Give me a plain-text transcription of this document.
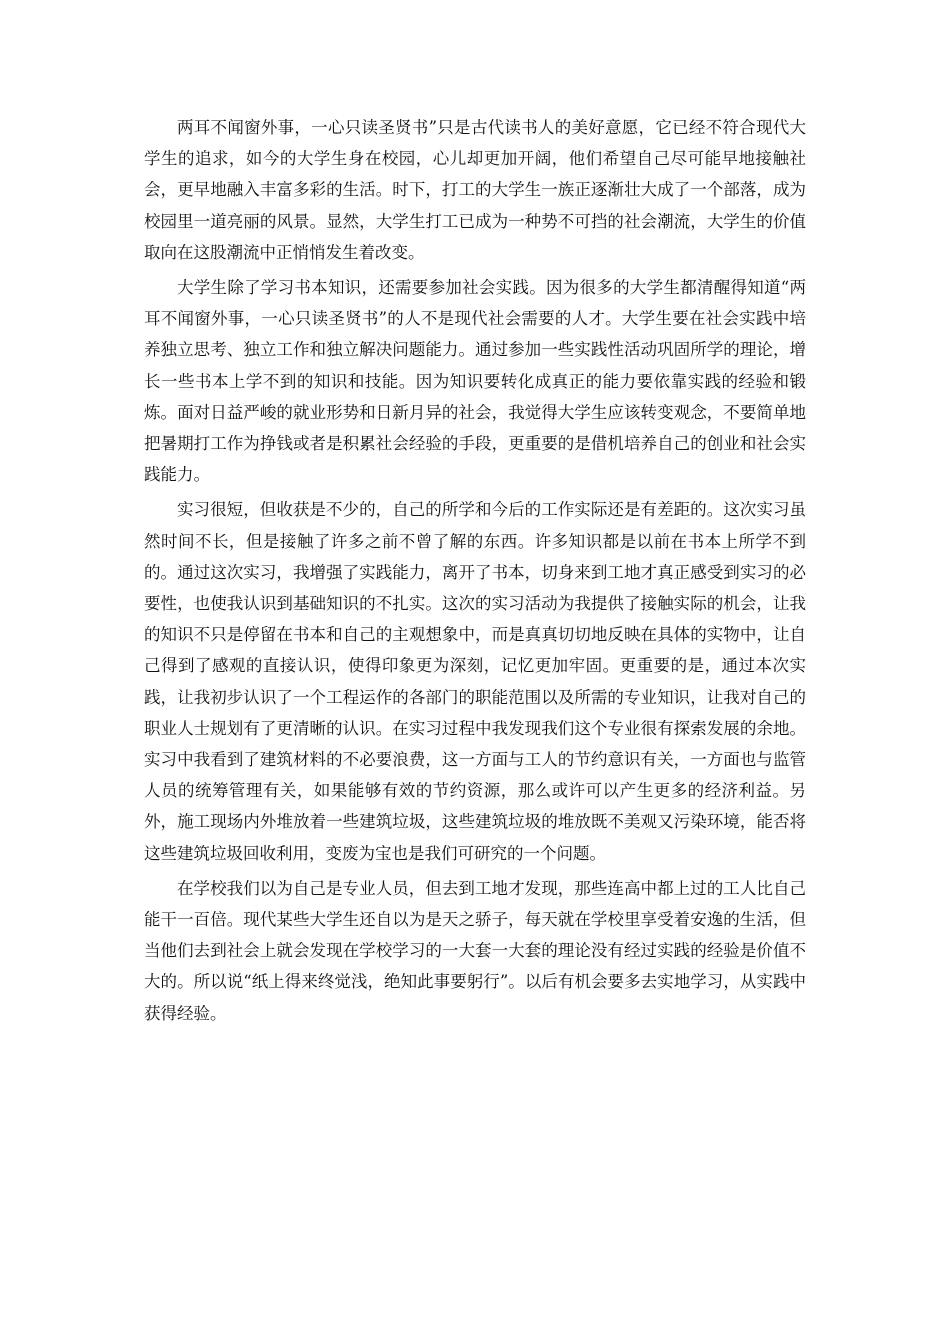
两耳不闻窗外事，一心只读圣贤书”只是古代读书人的美好意愿，它已经不符合现代大学生的追求，如今的大学生身在校园，心儿却更加开阔，他们希望自己尽可能早地接触社会，更早地融入丰富多彩的生活。时下，打工的大学生一族正逐渐壮大成了一个部落，成为校园里一道亮丽的风景。显然，大学生打工已成为一种势不可挡的社会潮流，大学生的价值取向在这股潮流中正悄悄发生着改变。

大学生除了学习书本知识，还需要参加社会实践。因为很多的大学生都清醒得知道“两耳不闻窗外事，一心只读圣贤书”的人不是现代社会需要的人才。大学生要在社会实践中培养独立思考、独立工作和独立解决问题能力。通过参加一些实践性活动巩固所学的理论，增长一些书本上学不到的知识和技能。因为知识要转化成真正的能力要依靠实践的经验和锻炼。面对日益严峻的就业形势和日新月异的社会，我觉得大学生应该转变观念，不要简单地把暑期打工作为挣钱或者是积累社会经验的手段，更重要的是借机培养自己的创业和社会实践能力。

实习很短，但收获是不少的，自己的所学和今后的工作实际还是有差距的。这次实习虽然时间不长，但是接触了许多之前不曾了解的东西。许多知识都是以前在书本上所学不到的。通过这次实习，我增强了实践能力，离开了书本，切身来到工地才真正感受到实习的必要性，也使我认识到基础知识的不扎实。这次的实习活动为我提供了接触实际的机会，让我的知识不只是停留在书本和自己的主观想象中，而是真真切切地反映在具体的实物中，让自己得到了感观的直接认识，使得印象更为深刻，记忆更加牢固。更重要的是，通过本次实践，让我初步认识了一个工程运作的各部门的职能范围以及所需的专业知识，让我对自己的职业人士规划有了更清晰的认识。在实习过程中我发现我们这个专业很有探索发展的余地。实习中我看到了建筑材料的不必要浪费，这一方面与工人的节约意识有关，一方面也与监管人员的统筹管理有关，如果能够有效的节约资源，那么或许可以产生更多的经济利益。另外，施工现场内外堆放着一些建筑垃圾，这些建筑垃圾的堆放既不美观又污染环境，能否将这些建筑垃圾回收利用，变废为宝也是我们可研究的一个问题。

在学校我们以为自己是专业人员，但去到工地才发现，那些连高中都上过的工人比自己能干一百倍。现代某些大学生还自以为是天之骄子，每天就在学校里享受着安逸的生活，但当他们去到社会上就会发现在学校学习的一大套一大套的理论没有经过实践的经验是价值不大的。所以说“纸上得来终觉浅，绝知此事要躬行”。以后有机会要多去实地学习，从实践中获得经验。
